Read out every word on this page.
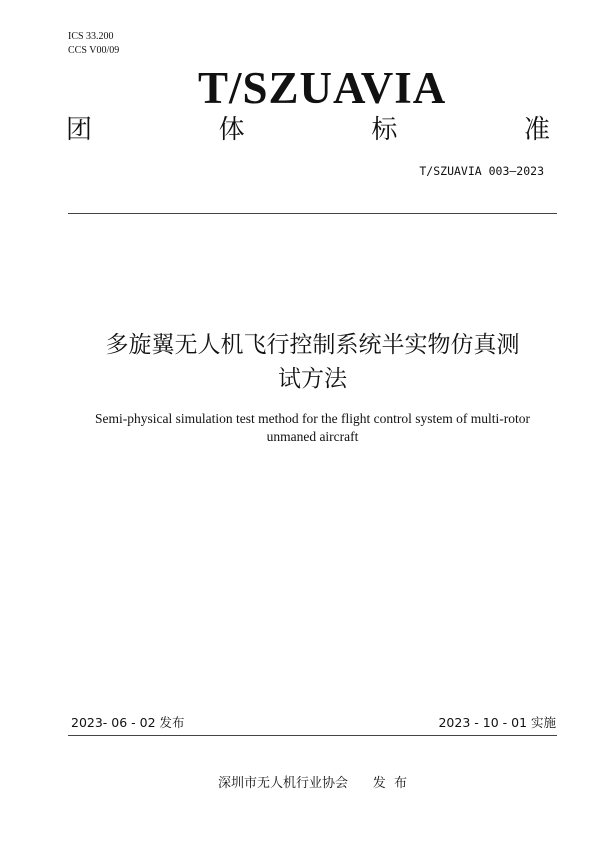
ICS 33.200
CCS V00/09
T/SZUAVIA
团	体	标	准
T/SZUAVIA 003—2023
多旋翼无人机飞行控制系统半实物仿真测
试方法
Semi-physical simulation test method for the flight control system of multi-rotor
unmaned aircraft
2023- 06 - 02 发布	2023 - 10 - 01 实施
深圳市无人机行业协会      发  布
